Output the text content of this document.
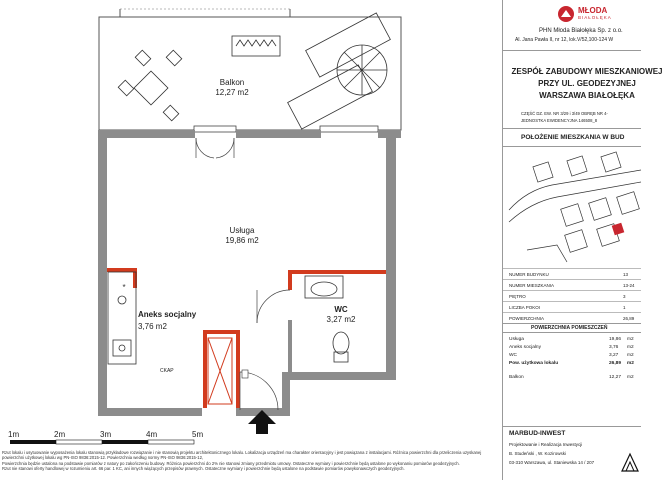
*
Balkon
12,27 m2
Usługa
19,86 m2
Aneks socjalny
3,76 m2
WC
3,27 m2
CKAP
1m	2m	3m	4m	5m
Rzut lokalu i usytuowanie wyposażenia lokalu stanowią przykładowe rozwiązanie i nie stanowią projektu architektonicznego lokalu. Lokalizacja urządzeń ma charakter orientacyjny i jest powiązana z instalacjami. Różnica powierzchni dla przeliczenia uzyskanej powierzchni użytkowej lokalu wg PN-ISO 9836:2015-12. Powierzchnia według normy PN-ISO 9836:2015-12,
Powierzchnia będzie ustalona na podstawie pomiarów z natury po zakończeniu budowy. Różnica powierzchni do 2% nie stanowi zmiany przedmiotu umowy. Ostateczne wymiary i powierzchnie będą ustalone po wykonaniu pomiarów geodezyjnych.
Rzut nie stanowi oferty handlowej w rozumieniu art. 66 par. 1 KC, ani innych wiążących przepisów prawnych. Ostateczne wymiary i powierzchnie będą ustalone na podstawie pomiarów powykonawczych geodezyjnych.
MŁODA
BIAŁOŁĘKA
PHN Młoda Białołęka Sp. z o.o.
Al. Jana Pawła II, nr 12, lok.V/52,100-124 W
ZESPÓŁ ZABUDOWY MIESZKANIOWEJ
PRZY UL. GEODEZYJNEJ
WARSZAWA BIAŁOŁĘKA
CZĘŚĆ DZ. EW. NR 3/29 i 3/49 OBRĘB NR 4-
JEDNOSTKA EWIDENCYJNA 146508_8
POŁOŻENIE MIESZKANIA W BUD
NUMER BUDYNKU	13
NUMER MIESZKANIA	13-24
PIĘTRO	3
LICZBA POKOI	1
POWIERZCHNIA	26,89
POWIERZCHNIA POMIESZCZEŃ
Usługa	19,86 m2
Aneks socjalny	3,76 m2
WC	3,27 m2
Pow. użytkowa lokalu	26,89 m2
Balkon	12,27 m2
MARBUD-INWEST
Projektowanie i Realizacja Inwestycji
B. Studeński , W. Kozirowski
03-310 Warszawa, ul. Staniewska 14 / 207
